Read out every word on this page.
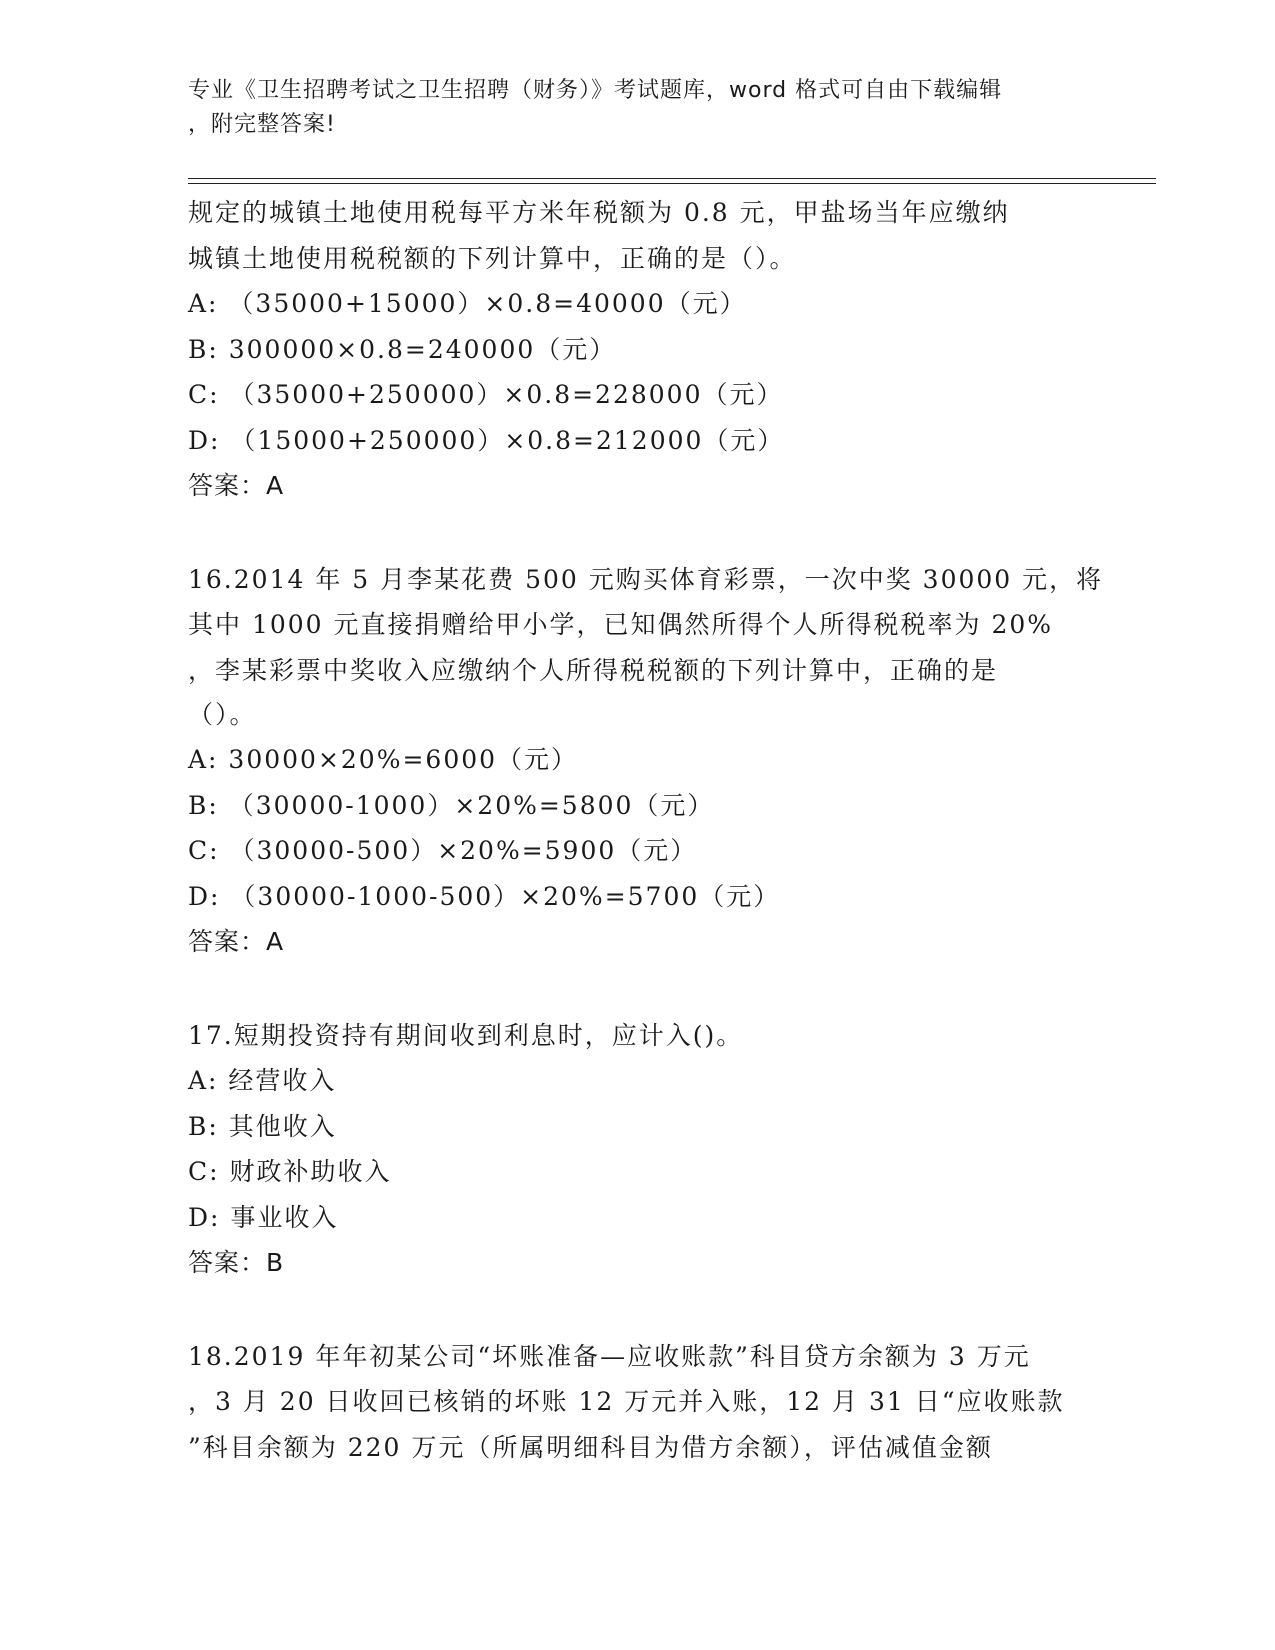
专业《卫生招聘考试之卫生招聘（财务）》考试题库，word 格式可自由下载编辑
，附完整答案!
规定的城镇土地使用税每平方米年税额为 0.8 元，甲盐场当年应缴纳
城镇土地使用税税额的下列计算中，正确的是（）。
A: （35000+15000）×0.8=40000（元）
B: 300000×0.8=240000（元）
C: （35000+250000）×0.8=228000（元）
D: （15000+250000）×0.8=212000（元）
答案：A
16.2014 年 5 月李某花费 500 元购买体育彩票，一次中奖 30000 元，将
其中 1000 元直接捐赠给甲小学，已知偶然所得个人所得税税率为 20%
，李某彩票中奖收入应缴纳个人所得税税额的下列计算中，正确的是
（）。
A: 30000×20%=6000（元）
B: （30000-1000）×20%=5800（元）
C: （30000-500）×20%=5900（元）
D: （30000-1000-500）×20%=5700（元）
答案：A
17.短期投资持有期间收到利息时，应计入()。
A: 经营收入
B: 其他收入
C: 财政补助收入
D: 事业收入
答案：B
18.2019 年年初某公司“坏账准备—应收账款”科目贷方余额为 3 万元
，3 月 20 日收回已核销的坏账 12 万元并入账，12 月 31 日“应收账款
”科目余额为 220 万元（所属明细科目为借方余额），评估减值金额
